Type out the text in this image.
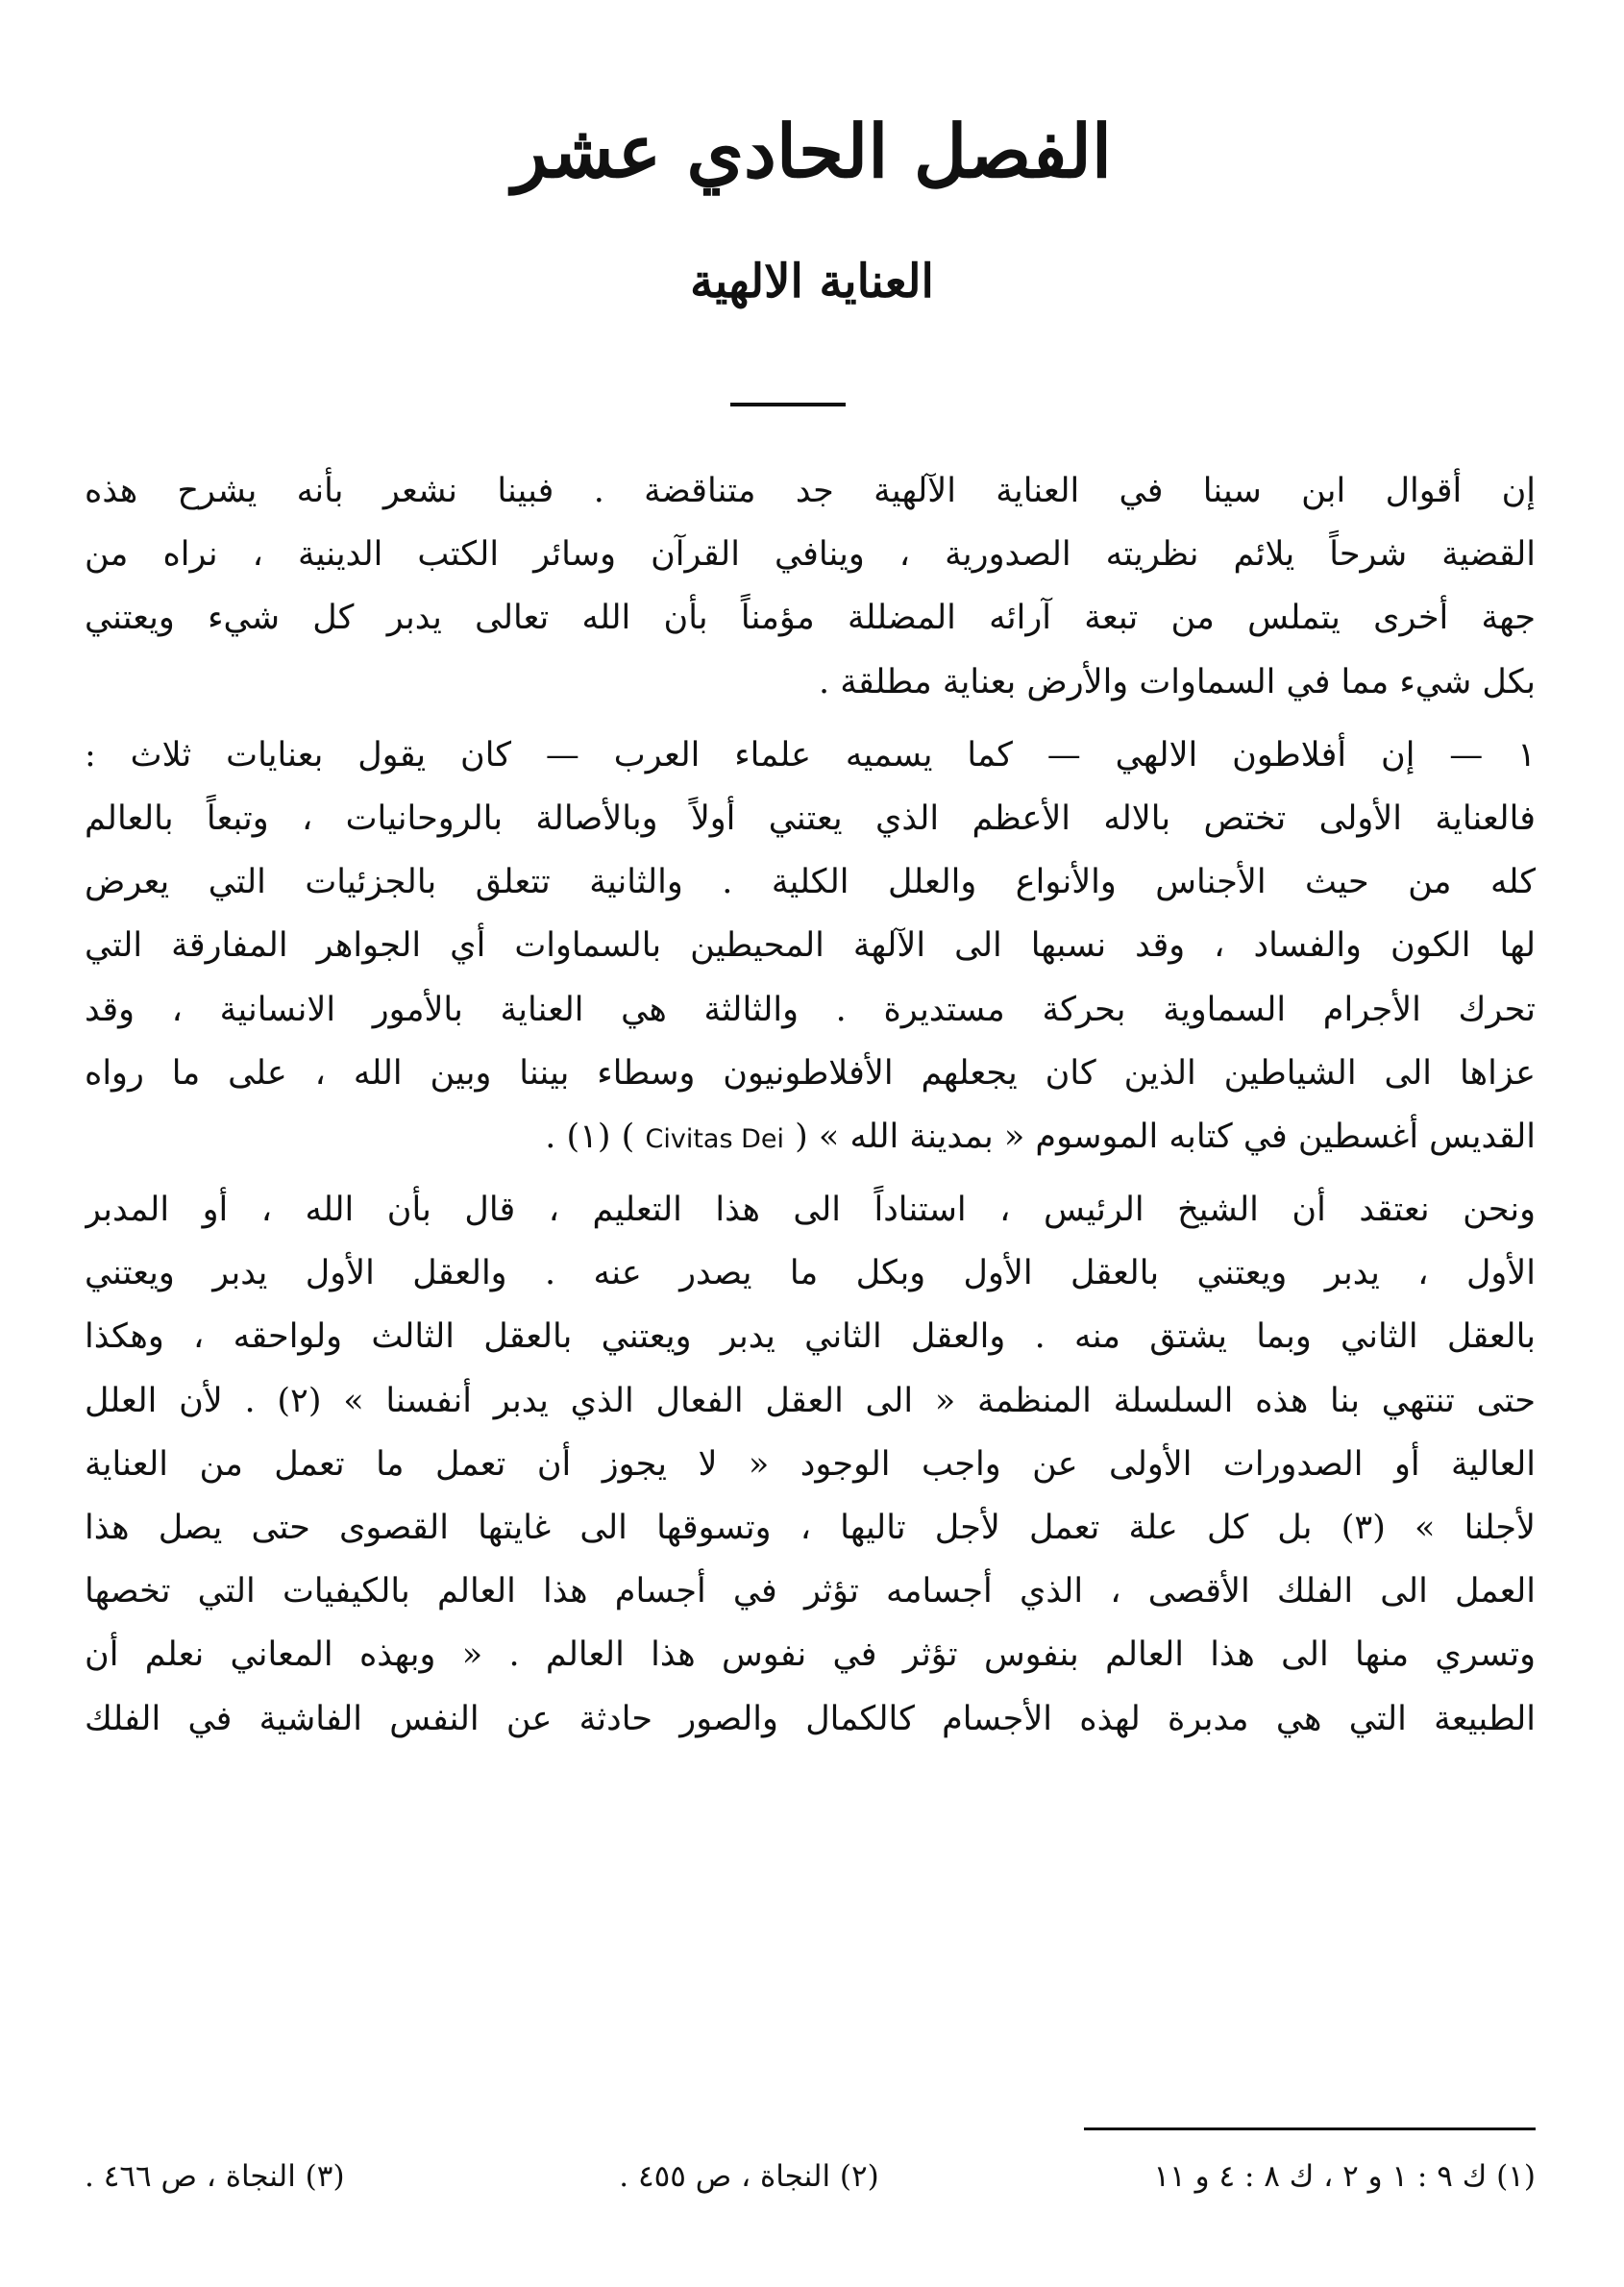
الفصل الحادي عشر
العناية الالهية
إن أقوال ابن سينا في العناية الآلهية جد متناقضة . فبينا نشعر بأنه يشرح هذه
القضية شرحاً يلائم نظريته الصدورية ، وينافي القرآن وسائر الكتب الدينية ، نراه من
جهة أخرى يتملس من تبعة آرائه المضللة مؤمناً بأن الله تعالى يدبر كل شيء ويعتني
بكل شيء مما في السماوات والأرض بعناية مطلقة .
١ — إن أفلاطون الالهي — كما يسميه علماء العرب — كان يقول بعنايات ثلاث :
فالعناية الأولى تختص بالاله الأعظم الذي يعتني أولاً وبالأصالة بالروحانيات ، وتبعاً بالعالم
كله من حيث الأجناس والأنواع والعلل الكلية . والثانية تتعلق بالجزئيات التي يعرض
لها الكون والفساد ، وقد نسبها الى الآلهة المحيطين بالسماوات أي الجواهر المفارقة التي
تحرك الأجرام السماوية بحركة مستديرة . والثالثة هي العناية بالأمور الانسانية ، وقد
عزاها الى الشياطين الذين كان يجعلهم الأفلاطونيون وسطاء بيننا وبين الله ، على ما رواه
القديس أغسطين في كتابه الموسوم « بمدينة الله » ( Civitas Dei ) (١) .
ونحن نعتقد أن الشيخ الرئيس ، استناداً الى هذا التعليم ، قال بأن الله ، أو المدبر
الأول ، يدبر ويعتني بالعقل الأول وبكل ما يصدر عنه . والعقل الأول يدبر ويعتني
بالعقل الثاني وبما يشتق منه . والعقل الثاني يدبر ويعتني بالعقل الثالث ولواحقه ، وهكذا
حتى تنتهي بنا هذه السلسلة المنظمة « الى العقل الفعال الذي يدبر أنفسنا » (٢) . لأن العلل
العالية أو الصدورات الأولى عن واجب الوجود « لا يجوز أن تعمل ما تعمل من العناية
لأجلنا » (٣) بل كل علة تعمل لأجل تاليها ، وتسوقها الى غايتها القصوى حتى يصل هذا
العمل الى الفلك الأقصى ، الذي أجسامه تؤثر في أجسام هذا العالم بالكيفيات التي تخصها
وتسري منها الى هذا العالم بنفوس تؤثر في نفوس هذا العالم . « وبهذه المعاني نعلم أن
الطبيعة التي هي مدبرة لهذه الأجسام كالكمال والصور حادثة عن النفس الفاشية في الفلك
(١) ك ٩ : ١ و ٢ ، ك ٨ : ٤ و ١١
(٢) النجاة ، ص ٤٥٥ .
(٣) النجاة ، ص ٤٦٦ .
